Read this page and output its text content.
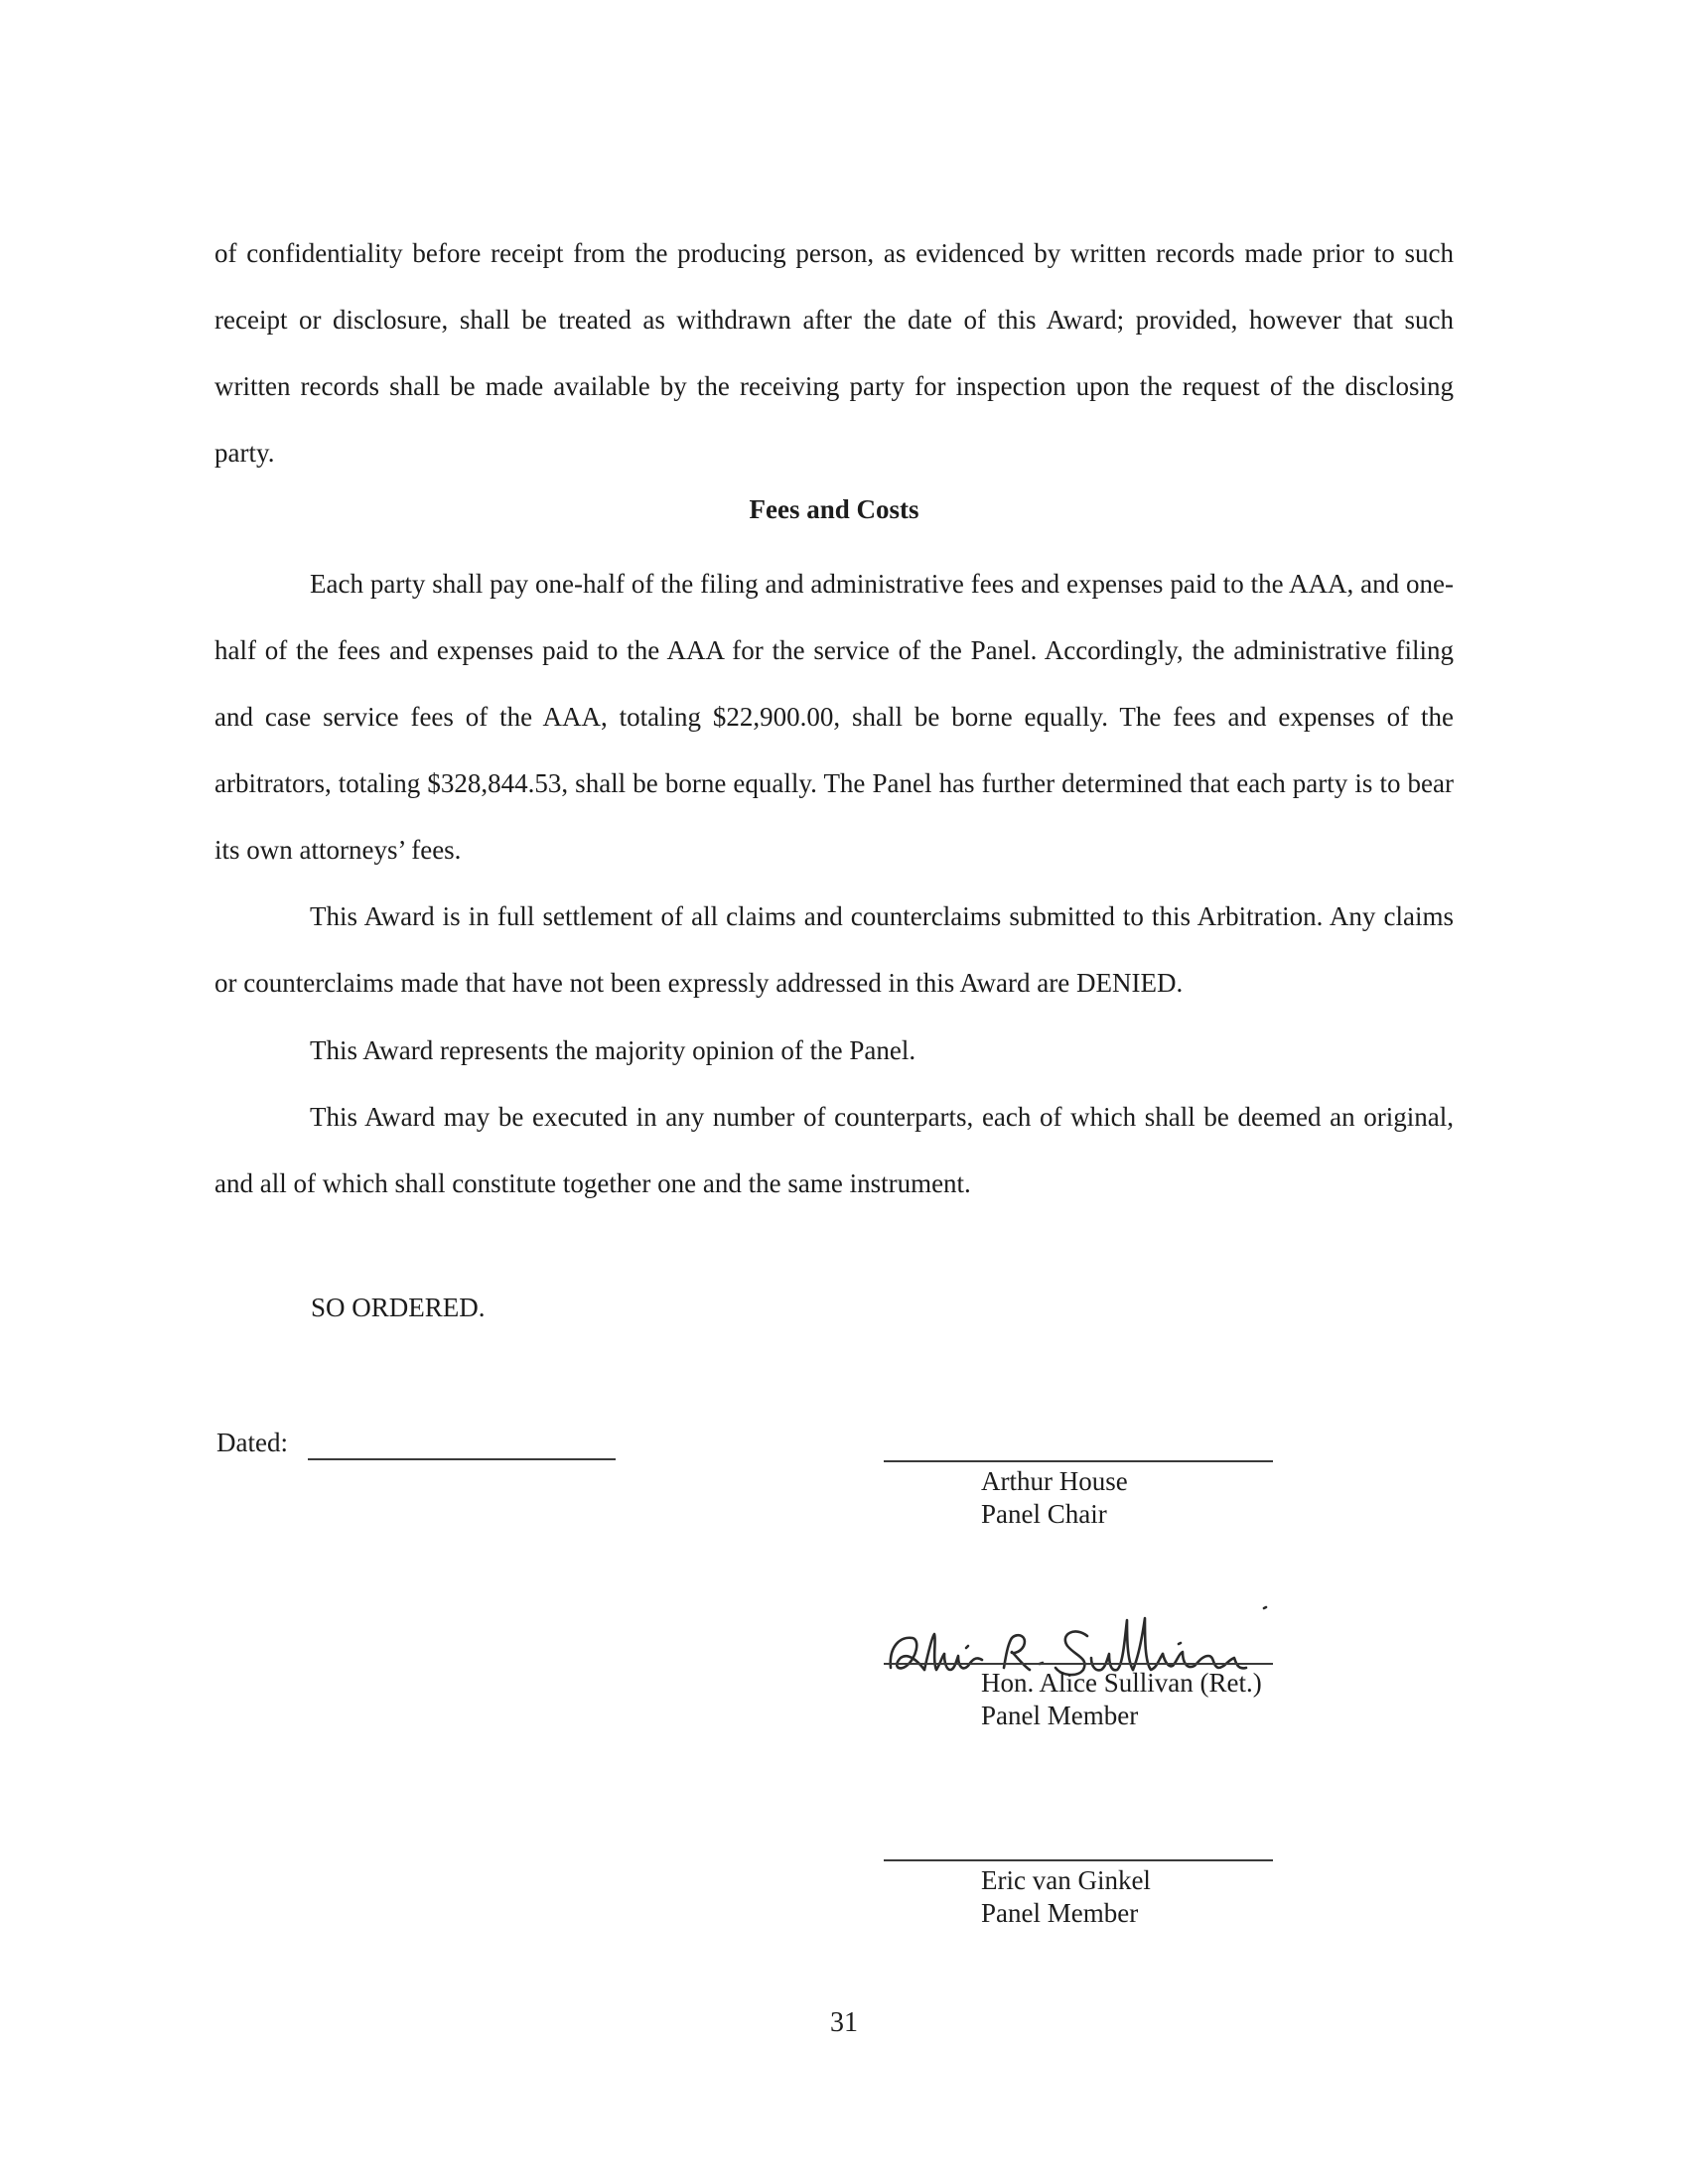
of confidentiality before receipt from the producing person, as evidenced by written records made prior to such receipt or disclosure, shall be treated as withdrawn after the date of this Award; provided, however that such written records shall be made available by the receiving party for inspection upon the request of the disclosing party.

Fees and Costs

Each party shall pay one-half of the filing and administrative fees and expenses paid to the AAA, and one-half of the fees and expenses paid to the AAA for the service of the Panel. Accordingly, the administrative filing and case service fees of the AAA, totaling $22,900.00, shall be borne equally. The fees and expenses of the arbitrators, totaling $328,844.53, shall be borne equally. The Panel has further determined that each party is to bear its own attorneys’ fees.

This Award is in full settlement of all claims and counterclaims submitted to this Arbitration. Any claims or counterclaims made that have not been expressly addressed in this Award are DENIED.

This Award represents the majority opinion of the Panel.

This Award may be executed in any number of counterparts, each of which shall be deemed an original, and all of which shall constitute together one and the same instrument.

SO ORDERED.
Dated:
Arthur House
Panel Chair
Hon. Alice Sullivan (Ret.)
Panel Member
Eric van Ginkel
Panel Member
31
